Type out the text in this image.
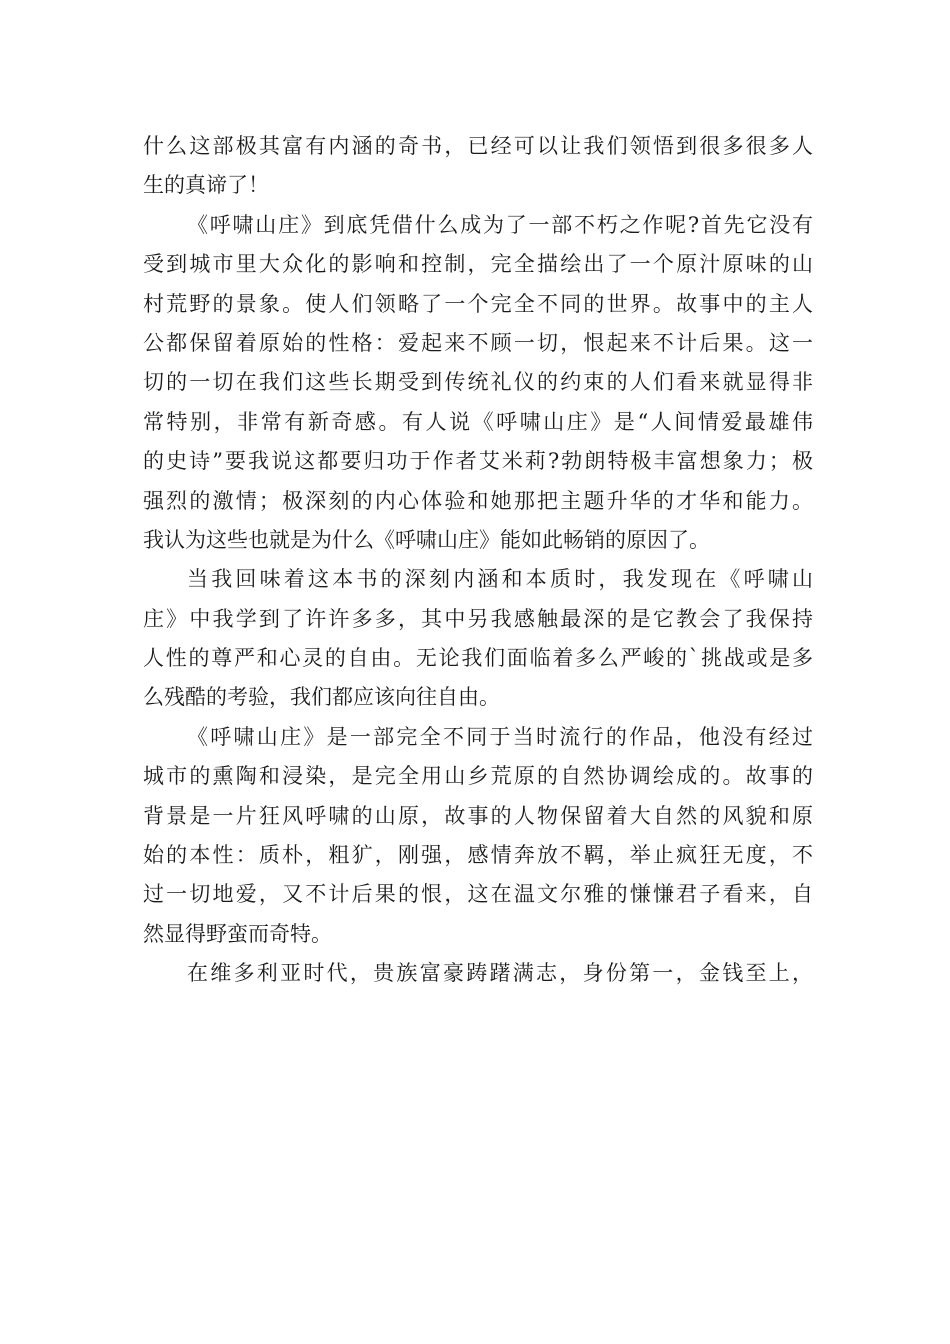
什么这部极其富有内涵的奇书，已经可以让我们领悟到很多很多人
生的真谛了！
《呼啸山庄》到底凭借什么成为了一部不朽之作呢?首先它没有
受到城市里大众化的影响和控制，完全描绘出了一个原汁原味的山
村荒野的景象。使人们领略了一个完全不同的世界。故事中的主人
公都保留着原始的性格：爱起来不顾一切，恨起来不计后果。这一
切的一切在我们这些长期受到传统礼仪的约束的人们看来就显得非
常特别，非常有新奇感。有人说《呼啸山庄》是“人间情爱最雄伟
的史诗”要我说这都要归功于作者艾米莉?勃朗特极丰富想象力；极
强烈的激情；极深刻的内心体验和她那把主题升华的才华和能力。
我认为这些也就是为什么《呼啸山庄》能如此畅销的原因了。
当我回味着这本书的深刻内涵和本质时，我发现在《呼啸山
庄》中我学到了许许多多，其中另我感触最深的是它教会了我保持
人性的尊严和心灵的自由。无论我们面临着多么严峻的`挑战或是多
么残酷的考验，我们都应该向往自由。
《呼啸山庄》是一部完全不同于当时流行的作品，他没有经过
城市的熏陶和浸染，是完全用山乡荒原的自然协调绘成的。故事的
背景是一片狂风呼啸的山原，故事的人物保留着大自然的风貌和原
始的本性：质朴，粗犷，刚强，感情奔放不羁，举止疯狂无度，不
过一切地爱，又不计后果的恨，这在温文尔雅的慊慊君子看来，自
然显得野蛮而奇特。
在维多利亚时代，贵族富豪踌躇满志，身份第一，金钱至上，
